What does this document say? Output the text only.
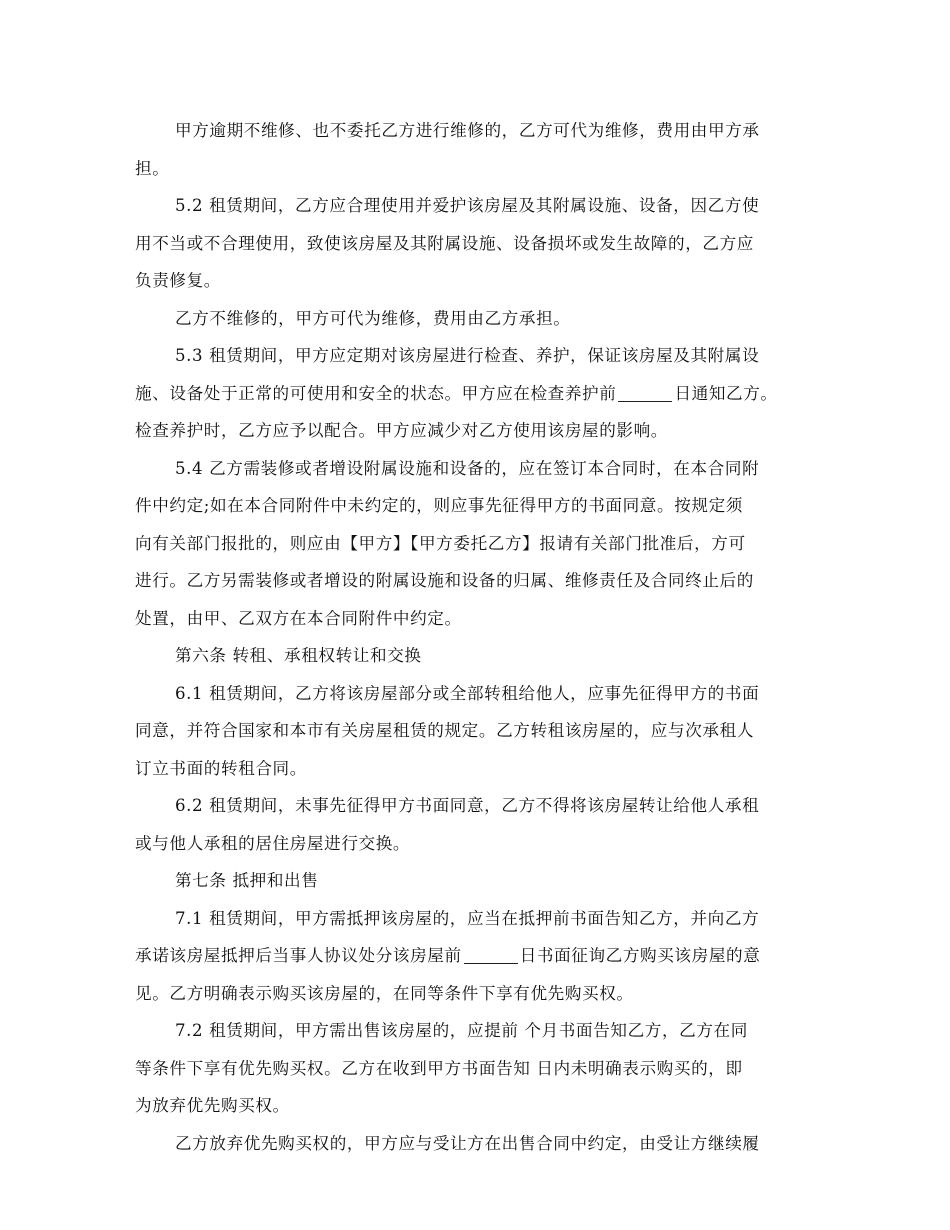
甲方逾期不维修、也不委托乙方进行维修的，乙方可代为维修，费用由甲方承
担。
5.2 租赁期间，乙方应合理使用并爱护该房屋及其附属设施、设备，因乙方使
用不当或不合理使用，致使该房屋及其附属设施、设备损坏或发生故障的，乙方应
负责修复。
乙方不维修的，甲方可代为维修，费用由乙方承担。
5.3 租赁期间，甲方应定期对该房屋进行检查、养护，保证该房屋及其附属设
施、设备处于正常的可使用和安全的状态。甲方应在检查养护前	日通知乙方。
检查养护时，乙方应予以配合。甲方应减少对乙方使用该房屋的影响。
5.4 乙方需装修或者增设附属设施和设备的，应在签订本合同时，在本合同附
件中约定;如在本合同附件中未约定的，则应事先征得甲方的书面同意。按规定须
向有关部门报批的，则应由【甲方】【甲方委托乙方】报请有关部门批准后，方可
进行。乙方另需装修或者增设的附属设施和设备的归属、维修责任及合同终止后的
处置，由甲、乙双方在本合同附件中约定。
第六条 转租、承租权转让和交换
6.1 租赁期间，乙方将该房屋部分或全部转租给他人，应事先征得甲方的书面
同意，并符合国家和本市有关房屋租赁的规定。乙方转租该房屋的，应与次承租人
订立书面的转租合同。
6.2 租赁期间，未事先征得甲方书面同意，乙方不得将该房屋转让给他人承租
或与他人承租的居住房屋进行交换。
第七条 抵押和出售
7.1 租赁期间，甲方需抵押该房屋的，应当在抵押前书面告知乙方，并向乙方
承诺该房屋抵押后当事人协议处分该房屋前	日书面征询乙方购买该房屋的意
见。乙方明确表示购买该房屋的，在同等条件下享有优先购买权。
7.2 租赁期间，甲方需出售该房屋的，应提前 个月书面告知乙方，乙方在同
等条件下享有优先购买权。乙方在收到甲方书面告知 日内未明确表示购买的，即
为放弃优先购买权。
乙方放弃优先购买权的，甲方应与受让方在出售合同中约定，由受让方继续履
